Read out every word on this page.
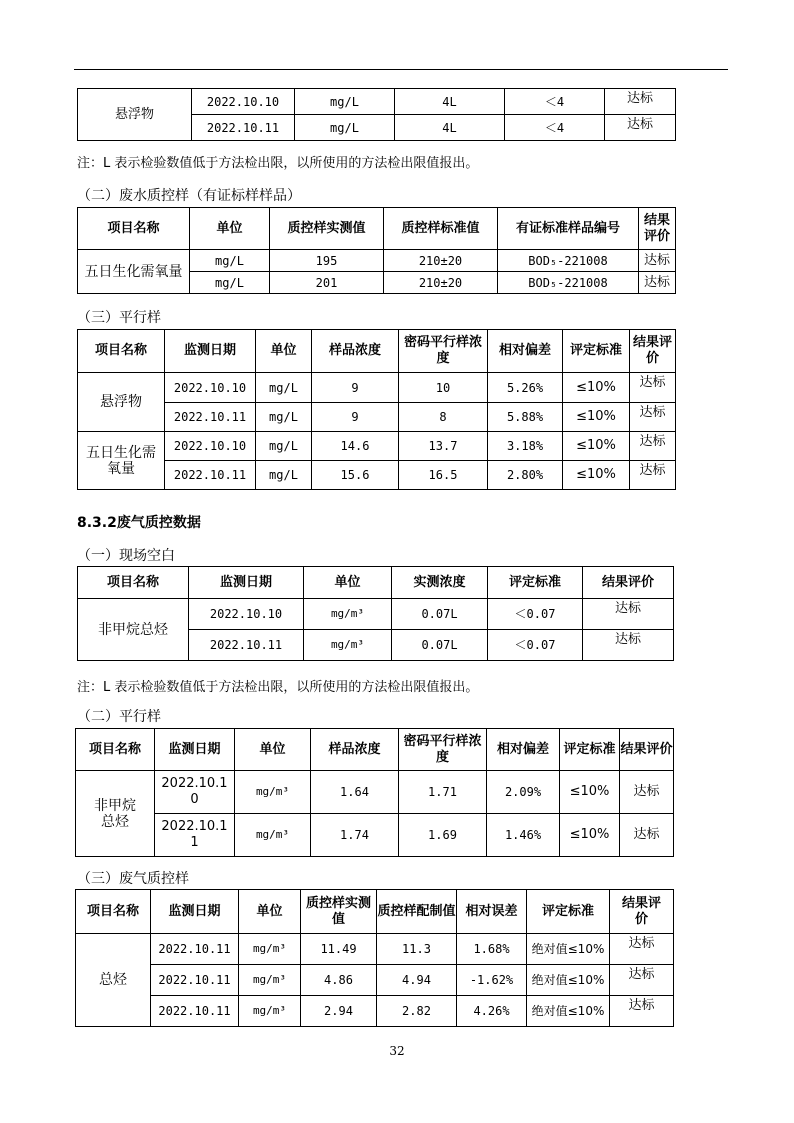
悬浮物	2022.10.10	mg/L	4L	＜4	达标
	2022.10.11	mg/L	4L	＜4	达标
注：L 表示检验数值低于方法检出限，以所使用的方法检出限值报出。
（二）废水质控样（有证标样样品）
项目名称	单位	质控样实测值	质控样标准值	有证标准样品编号	结果评价
五日生化需氧量	mg/L	195	210±20	BOD₅-221008	达标
	mg/L	201	210±20	BOD₅-221008	达标
（三）平行样
项目名称	监测日期	单位	样品浓度	密码平行样浓度	相对偏差	评定标准	结果评价
悬浮物	2022.10.10	mg/L	9	10	5.26%	≤10%	达标
	2022.10.11	mg/L	9	8	5.88%	≤10%	达标
五日生化需氧量	2022.10.10	mg/L	14.6	13.7	3.18%	≤10%	达标
	2022.10.11	mg/L	15.6	16.5	2.80%	≤10%	达标
8.3.2废气质控数据
（一）现场空白
项目名称	监测日期	单位	实测浓度	评定标准	结果评价
非甲烷总烃	2022.10.10	mg/m³	0.07L	＜0.07	达标
	2022.10.11	mg/m³	0.07L	＜0.07	达标
注：L 表示检验数值低于方法检出限，以所使用的方法检出限值报出。
（二）平行样
项目名称	监测日期	单位	样品浓度	密码平行样浓度	相对偏差	评定标准	结果评价
非甲烷总烃	2022.10.10	mg/m³	1.64	1.71	2.09%	≤10%	达标
	2022.10.11	mg/m³	1.74	1.69	1.46%	≤10%	达标
（三）废气质控样
项目名称	监测日期	单位	质控样实测值	质控样配制值	相对误差	评定标准	结果评价
总烃	2022.10.11	mg/m³	11.49	11.3	1.68%	绝对值≤10%	达标
	2022.10.11	mg/m³	4.86	4.94	-1.62%	绝对值≤10%	达标
	2022.10.11	mg/m³	2.94	2.82	4.26%	绝对值≤10%	达标
32
